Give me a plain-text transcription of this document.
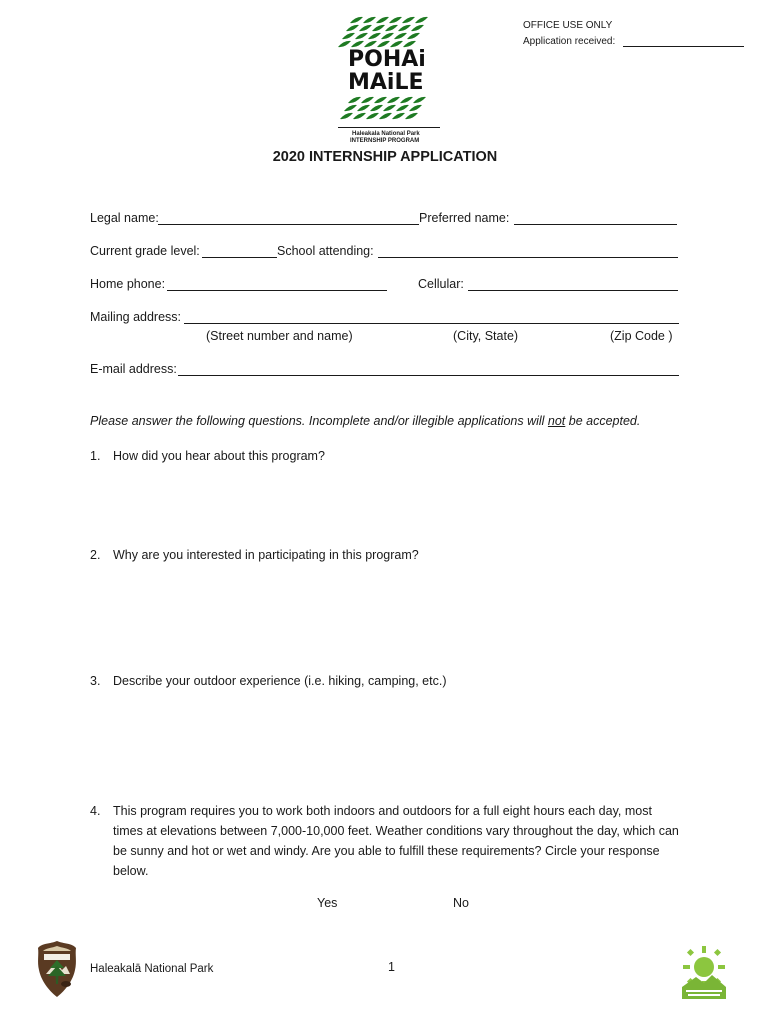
OFFICE USE ONLY
Application received:
POHAi
MAiLE
Haleakala National Park
INTERNSHIP PROGRAM
2020 INTERNSHIP APPLICATION
Legal name:	Preferred name:
Current grade level:	School attending:
Home phone:	Cellular:
Mailing address:
(Street number and name)	(City, State)	(Zip Code )
E-mail address:
Please answer the following questions. Incomplete and/or illegible applications will not be accepted.
1. How did you hear about this program?
2. Why are you interested in participating in this program?
3. Describe your outdoor experience (i.e. hiking, camping, etc.)
4. This program requires you to work both indoors and outdoors for a full eight hours each day, most times at elevations between 7,000-10,000 feet. Weather conditions vary throughout the day, which can be sunny and hot or wet and windy. Are you able to fulfill these requirements? Circle your response below.
Yes	No
Haleakalā National Park	1
